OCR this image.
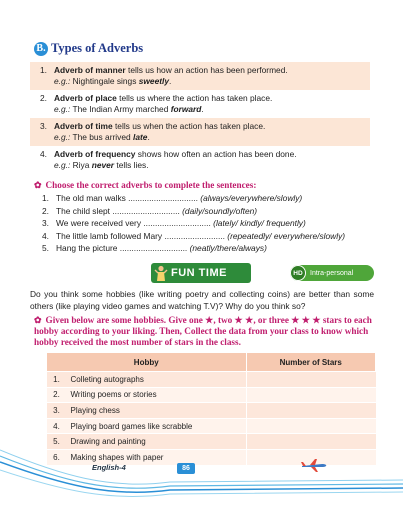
B. Types of Adverbs
1. Adverb of manner tells us how an action has been performed.
e.g.: Nightingale sings sweetly.
2. Adverb of place tells us where the action has taken place.
e.g.: The Indian Army marched forward.
3. Adverb of time tells us when the action has taken place.
e.g.: The bus arrived late.
4. Adverb of frequency shows how often an action has been done.
e.g.: Riya never tells lies.
✿ Choose the correct adverbs to complete the sentences:
1. The old man walks .............................. (always/everywhere/slowly)
2. The child slept ............................. (daily/soundly/often)
3. We were received very ............................. (lately/ kindly/ frequently)
4. The little lamb followed Mary .......................... (repeatedly/ everywhere/slowly)
5. Hang the picture ............................. (neatly/there/always)
FUN TIME	HD	Intra-personal
Do you think some hobbies (like writing poetry and collecting coins) are better than some others (like playing video games and watching T.V)? Why do you think so?
✿ Given below are some hobbies. Give one ★, two ★ ★, or three ★ ★ ★ stars to each hobby according to your liking. Then, Collect the data from your class to know which hobby received the most number of stars in the class.
Hobby		Number of Stars
1.	Colleting autographs	
2.	Writing poems or stories	
3.	Playing chess	
4.	Playing board games like scrabble	
5.	Drawing and painting	
6.	Making shapes with paper	
English-4	86
